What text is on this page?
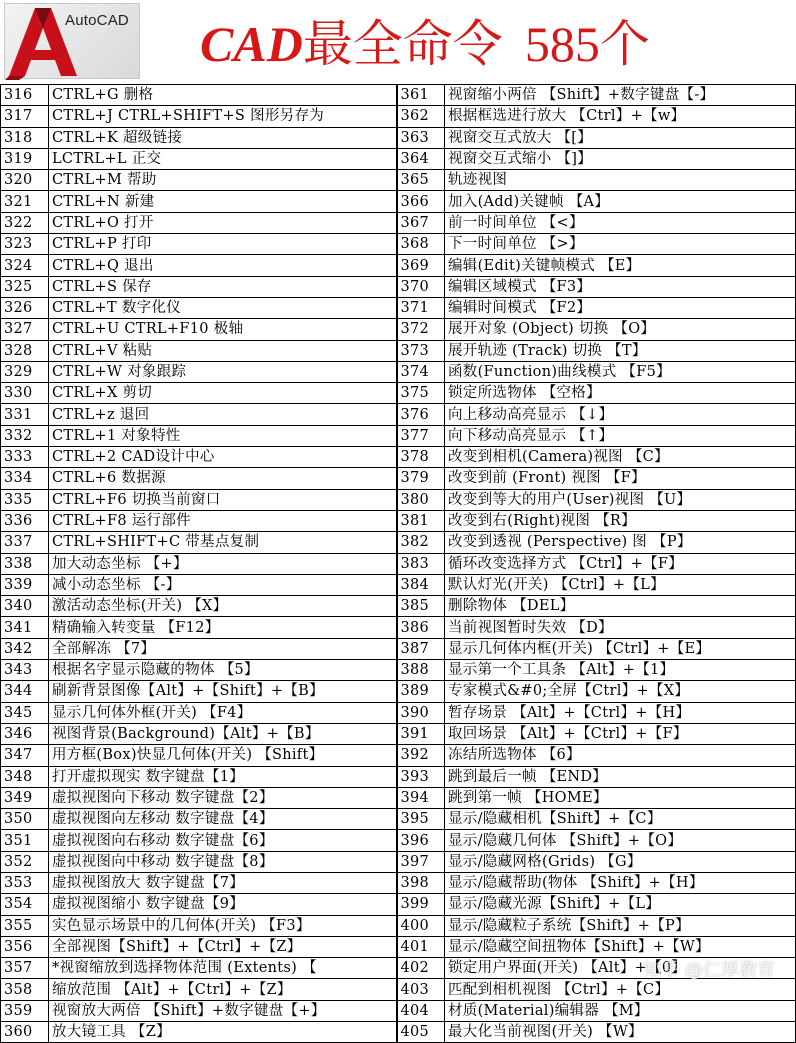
AutoCAD CAD最全命令 585个
316	CTRL+G 删格	361	视窗缩小两倍 【Shift】+数字键盘【-】
317	CTRL+J CTRL+SHIFT+S 图形另存为	362	根据框选进行放大 【Ctrl】+【w】
318	CTRL+K 超级链接	363	视窗交互式放大 【[】
319	LCTRL+L 正交	364	视窗交互式缩小 【]】
320	CTRL+M 帮助	365	轨迹视图
321	CTRL+N 新建	366	加入(Add)关键帧 【A】
322	CTRL+O 打开	367	前一时间单位 【<】
323	CTRL+P 打印	368	下一时间单位 【>】
324	CTRL+Q 退出	369	编辑(Edit)关键帧模式 【E】
325	CTRL+S 保存	370	编辑区域模式 【F3】
326	CTRL+T 数字化仪	371	编辑时间模式 【F2】
327	CTRL+U CTRL+F10 极轴	372	展开对象 (Object) 切换 【O】
328	CTRL+V 粘贴	373	展开轨迹 (Track) 切换 【T】
329	CTRL+W 对象跟踪	374	函数(Function)曲线模式 【F5】
330	CTRL+X 剪切	375	锁定所选物体 【空格】
331	CTRL+z 退回	376	向上移动高亮显示 【↓】
332	CTRL+1 对象特性	377	向下移动高亮显示 【↑】
333	CTRL+2 CAD设计中心	378	改变到相机(Camera)视图 【C】
334	CTRL+6 数据源	379	改变到前 (Front) 视图 【F】
335	CTRL+F6 切换当前窗口	380	改变到等大的用户(User)视图 【U】
336	CTRL+F8 运行部件	381	改变到右(Right)视图 【R】
337	CTRL+SHIFT+C 带基点复制	382	改变到透视 (Perspective) 图 【P】
338	加大动态坐标 【+】	383	循环改变选择方式 【Ctrl】+【F】
339	减小动态坐标 【-】	384	默认灯光(开关) 【Ctrl】+【L】
340	激活动态坐标(开关) 【X】	385	删除物体 【DEL】
341	精确输入转变量 【F12】	386	当前视图暂时失效 【D】
342	全部解冻 【7】	387	显示几何体内框(开关) 【Ctrl】+【E】
343	根据名字显示隐藏的物体 【5】	388	显示第一个工具条 【Alt】+【1】
344	刷新背景图像【Alt】+【Shift】+【B】	389	专家模式&#0;全屏【Ctrl】+【X】
345	显示几何体外框(开关) 【F4】	390	暂存场景 【Alt】+【Ctrl】+【H】
346	视图背景(Background)【Alt】+【B】	391	取回场景 【Alt】+【Ctrl】+【F】
347	用方框(Box)快显几何体(开关) 【Shift】	392	冻结所选物体 【6】
348	打开虚拟现实 数字键盘【1】	393	跳到最后一帧 【END】
349	虚拟视图向下移动 数字键盘【2】	394	跳到第一帧 【HOME】
350	虚拟视图向左移动 数字键盘【4】	395	显示/隐藏相机【Shift】+【C】
351	虚拟视图向右移动 数字键盘【6】	396	显示/隐藏几何体 【Shift】+【O】
352	虚拟视图向中移动 数字键盘【8】	397	显示/隐藏网格(Grids) 【G】
353	虚拟视图放大 数字键盘【7】	398	显示/隐藏帮助(物体 【Shift】+【H】
354	虚拟视图缩小 数字键盘【9】	399	显示/隐藏光源【Shift】+【L】
355	实色显示场景中的几何体(开关) 【F3】	400	显示/隐藏粒子系统【Shift】+【P】
356	全部视图【Shift】+【Ctrl】+【Z】	401	显示/隐藏空间扭物体【Shift】+【W】
357	*视窗缩放到选择物体范围 (Extents) 【	402	锁定用户界面(开关) 【Alt】+【0】
358	缩放范围 【Alt】+【Ctrl】+【Z】	403	匹配到相机视图 【Ctrl】+【C】
359	视窗放大两倍 【Shift】+数字键盘【+】	404	材质(Material)编辑器 【M】
360	放大镜工具 【Z】	405	最大化当前视图(开关) 【W】
知乎 @仁厚教育
